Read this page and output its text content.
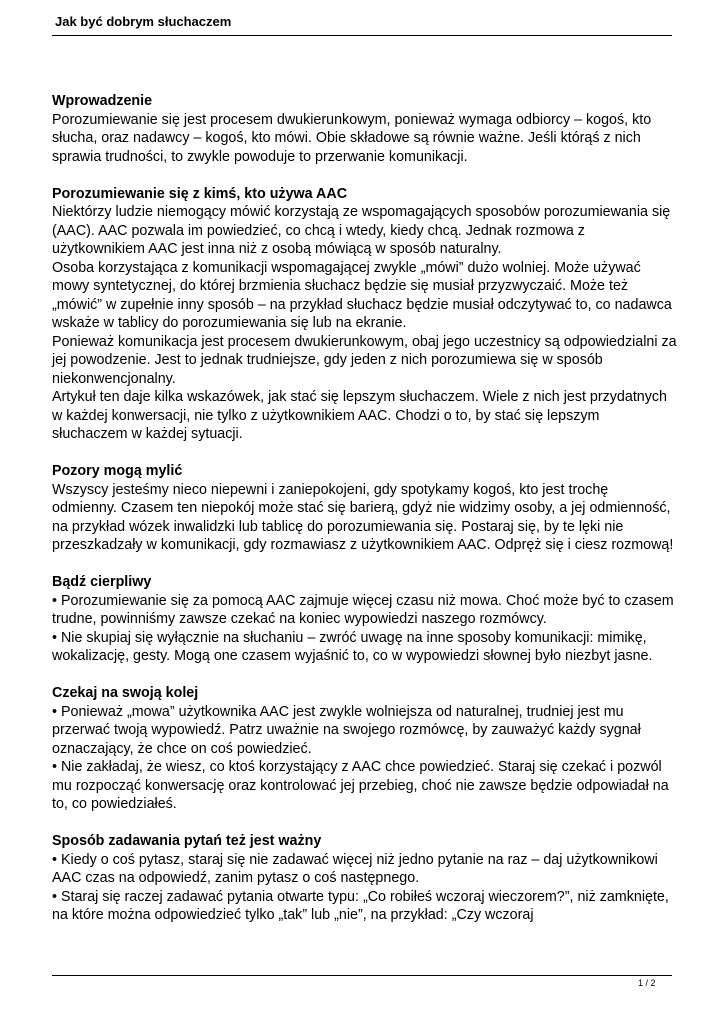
Jak być dobrym słuchaczem
Wprowadzenie

Porozumiewanie się jest procesem dwukierunkowym, ponieważ wymaga odbiorcy – kogoś, kto słucha, oraz nadawcy – kogoś, kto mówi. Obie składowe są równie ważne. Jeśli którąś z nich sprawia trudności, to zwykle powoduje to przerwanie komunikacji.

Porozumiewanie się z kimś, kto używa AAC

Niektórzy ludzie niemogący mówić korzystają ze wspomagających sposobów porozumiewania się (AAC). AAC pozwala im powiedzieć, co chcą i wtedy, kiedy chcą. Jednak rozmowa z użytkownikiem AAC jest inna niż z osobą mówiącą w sposób naturalny.

Osoba korzystająca z komunikacji wspomagającej zwykle „mówi” dużo wolniej. Może używać mowy syntetycznej, do której brzmienia słuchacz będzie się musiał przyzwyczaić. Może też „mówić” w zupełnie inny sposób – na przykład słuchacz będzie musiał odczytywać to, co nadawca wskaże w tablicy do porozumiewania się lub na ekranie.

Ponieważ komunikacja jest procesem dwukierunkowym, obaj jego uczestnicy są odpowiedzialni za jej powodzenie. Jest to jednak trudniejsze, gdy jeden z nich porozumiewa się w sposób niekonwencjonalny.

Artykuł ten daje kilka wskazówek, jak stać się lepszym słuchaczem. Wiele z nich jest przydatnych w każdej konwersacji, nie tylko z użytkownikiem AAC. Chodzi o to, by stać się lepszym słuchaczem w każdej sytuacji.

Pozory mogą mylić

Wszyscy jesteśmy nieco niepewni i zaniepokojeni, gdy spotykamy kogoś, kto jest trochę odmienny. Czasem ten niepokój może stać się barierą, gdyż nie widzimy osoby, a jej odmienność, na przykład wózek inwalidzki lub tablicę do porozumiewania się. Postaraj się, by te lęki nie przeszkadzały w komunikacji, gdy rozmawiasz z użytkownikiem AAC. Odpręż się i ciesz rozmową!

Bądź cierpliwy

• Porozumiewanie się za pomocą AAC zajmuje więcej czasu niż mowa. Choć może być to czasem trudne, powinniśmy zawsze czekać na koniec wypowiedzi naszego rozmówcy.

• Nie skupiaj się wyłącznie na słuchaniu – zwróć uwagę na inne sposoby komunikacji: mimikę, wokalizację, gesty. Mogą one czasem wyjaśnić to, co w wypowiedzi słownej było niezbyt jasne.

Czekaj na swoją kolej

• Ponieważ „mowa” użytkownika AAC jest zwykle wolniejsza od naturalnej, trudniej jest mu przerwać twoją wypowiedź. Patrz uważnie na swojego rozmówcę, by zauważyć każdy sygnał oznaczający, że chce on coś powiedzieć.

• Nie zakładaj, że wiesz, co ktoś korzystający z AAC chce powiedzieć. Staraj się czekać i pozwól mu rozpocząć konwersację oraz kontrolować jej przebieg, choć nie zawsze będzie odpowiadał na to, co powiedziałeś.

Sposób zadawania pytań też jest ważny

• Kiedy o coś pytasz, staraj się nie zadawać więcej niż jedno pytanie na raz – daj użytkownikowi AAC czas na odpowiedź, zanim pytasz o coś następnego.

• Staraj się raczej zadawać pytania otwarte typu: „Co robiłeś wczoraj wieczorem?”, niż zamknięte, na które można odpowiedzieć tylko „tak” lub „nie”, na przykład: „Czy wczoraj

1 / 2
